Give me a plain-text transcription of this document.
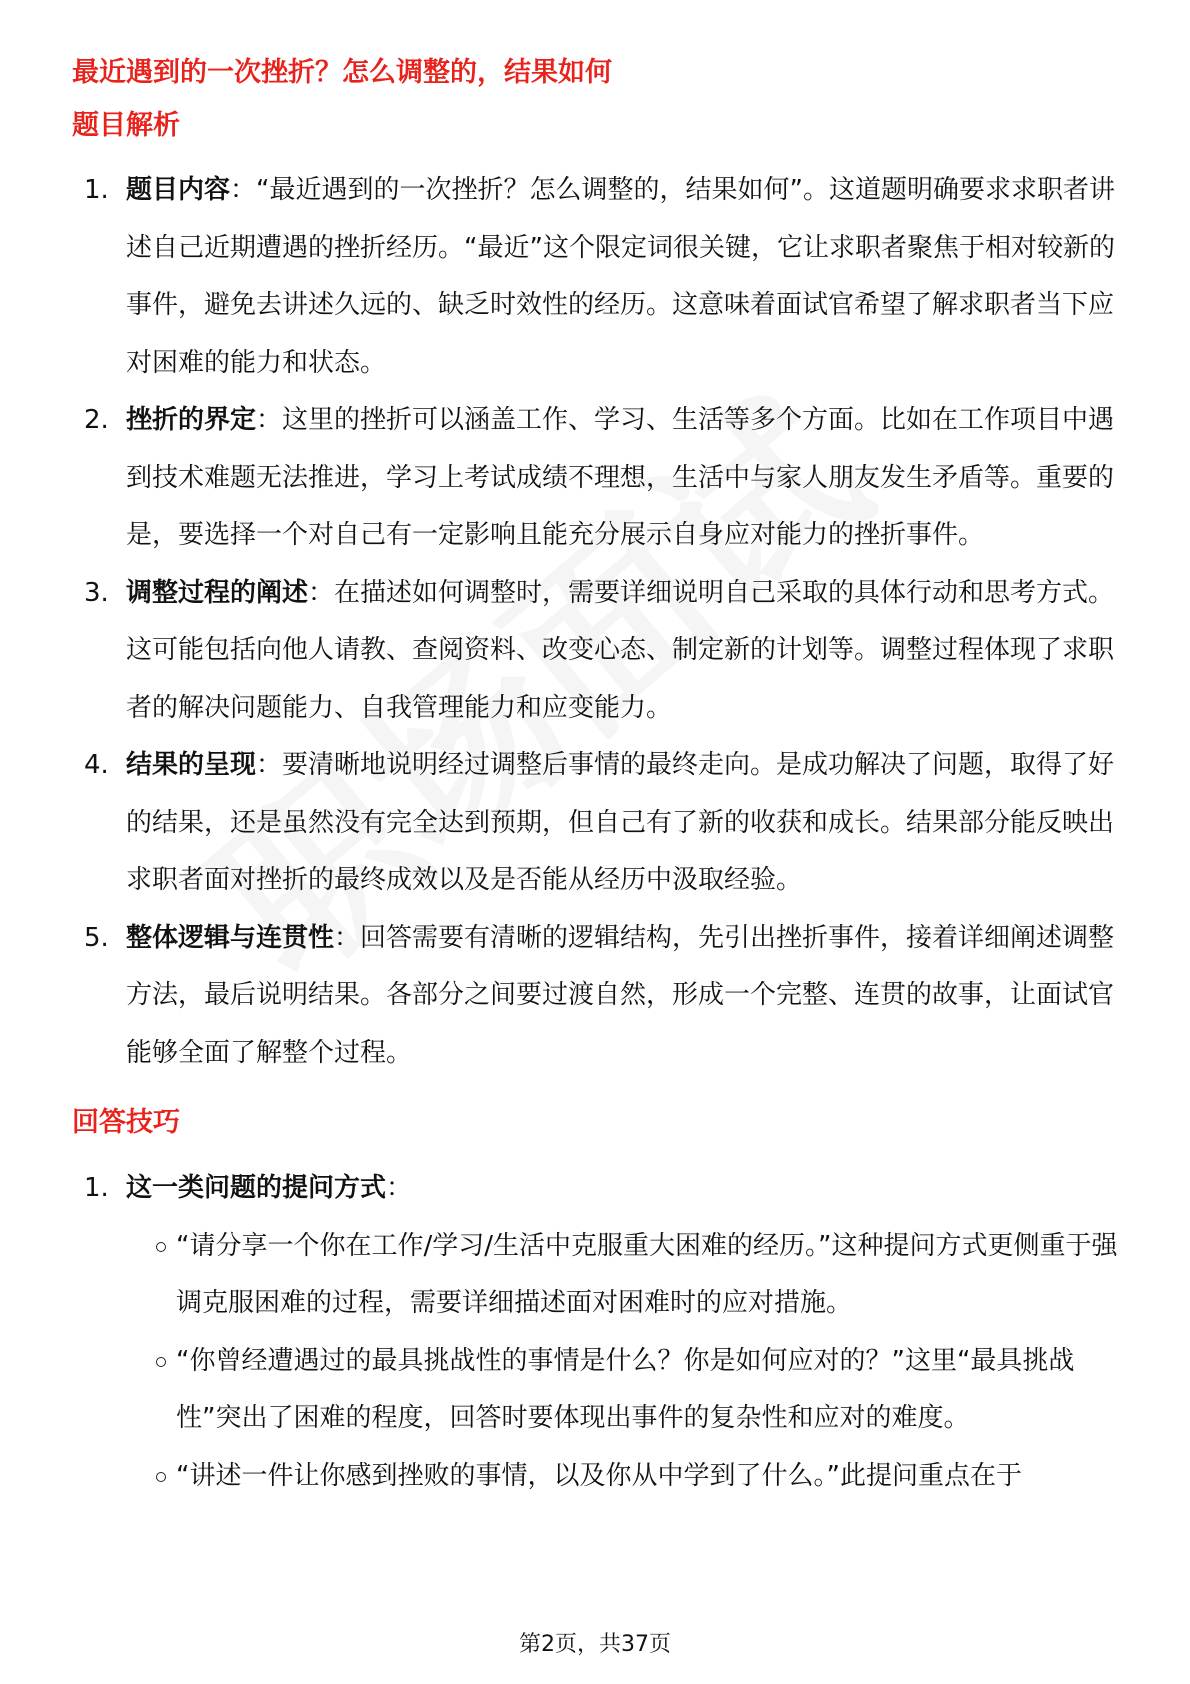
最近遇到的一次挫折？怎么调整的，结果如何
题目解析
1. 题目内容：“最近遇到的一次挫折？怎么调整的，结果如何”。这道题明确要求求职者讲述自己近期遭遇的挫折经历。“最近”这个限定词很关键，它让求职者聚焦于相对较新的事件，避免去讲述久远的、缺乏时效性的经历。这意味着面试官希望了解求职者当下应对困难的能力和状态。
2. 挫折的界定：这里的挫折可以涵盖工作、学习、生活等多个方面。比如在工作项目中遇到技术难题无法推进，学习上考试成绩不理想，生活中与家人朋友发生矛盾等。重要的是，要选择一个对自己有一定影响且能充分展示自身应对能力的挫折事件。
3. 调整过程的阐述：在描述如何调整时，需要详细说明自己采取的具体行动和思考方式。这可能包括向他人请教、查阅资料、改变心态、制定新的计划等。调整过程体现了求职者的解决问题能力、自我管理能力和应变能力。
4. 结果的呈现：要清晰地说明经过调整后事情的最终走向。是成功解决了问题，取得了好的结果，还是虽然没有完全达到预期，但自己有了新的收获和成长。结果部分能反映出求职者面对挫折的最终成效以及是否能从经历中汲取经验。
5. 整体逻辑与连贯性：回答需要有清晰的逻辑结构，先引出挫折事件，接着详细阐述调整方法，最后说明结果。各部分之间要过渡自然，形成一个完整、连贯的故事，让面试官能够全面了解整个过程。
回答技巧
1. 这一类问题的提问方式：
“请分享一个你在工作/学习/生活中克服重大困难的经历。”这种提问方式更侧重于强调克服困难的过程，需要详细描述面对困难时的应对措施。
“你曾经遭遇过的最具挑战性的事情是什么？你是如何应对的？”这里“最具挑战性”突出了困难的程度，回答时要体现出事件的复杂性和应对的难度。
“讲述一件让你感到挫败的事情，以及你从中学到了什么。”此提问重点在于
第2页，共37页
